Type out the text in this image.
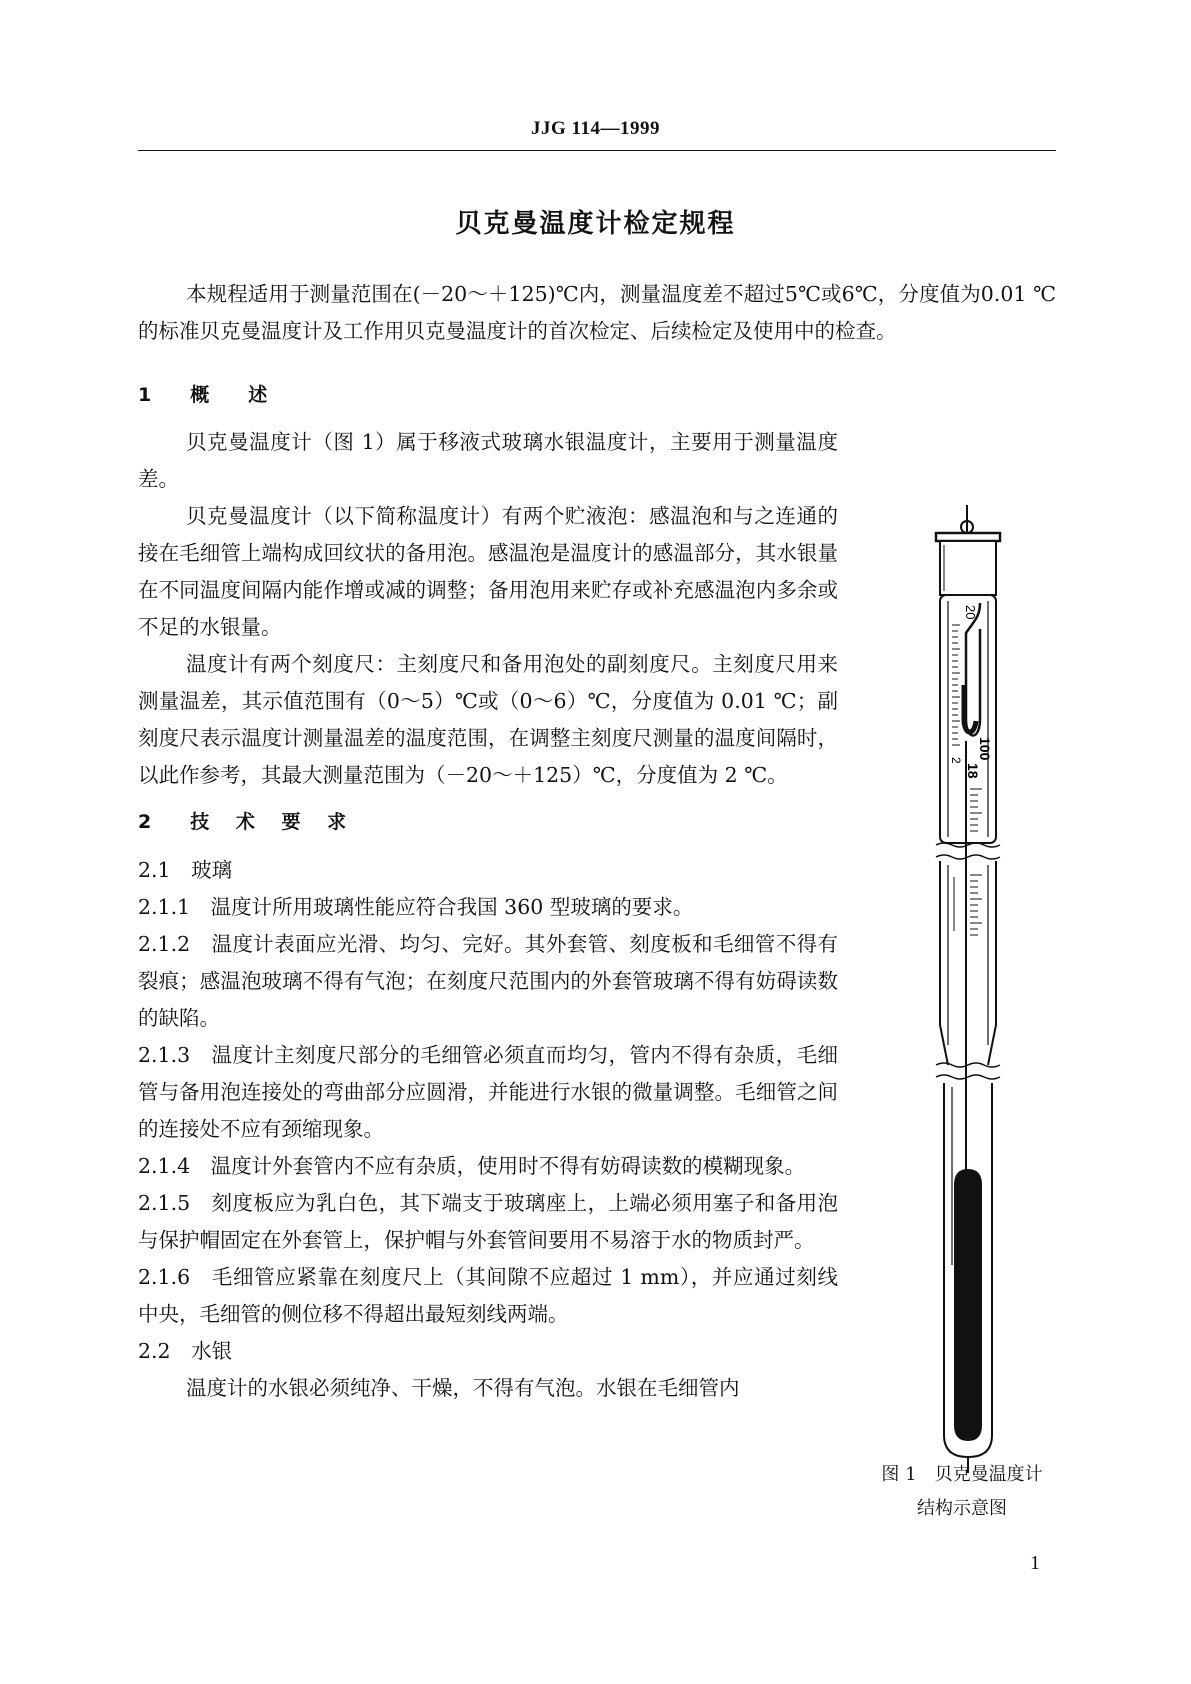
JJG 114—1999
贝克曼温度计检定规程

本规程适用于测量范围在(－20～＋125)℃内，测量温度差不超过5℃或6℃，分度值为0.01 ℃的标准贝克曼温度计及工作用贝克曼温度计的首次检定、后续检定及使用中的检查。

1　概　述

贝克曼温度计（图 1）属于移液式玻璃水银温度计，主要用于测量温度差。

贝克曼温度计（以下简称温度计）有两个贮液泡：感温泡和与之连通的接在毛细管上端构成回纹状的备用泡。感温泡是温度计的感温部分，其水银量在不同温度间隔内能作增或减的调整；备用泡用来贮存或补充感温泡内多余或不足的水银量。

温度计有两个刻度尺：主刻度尺和备用泡处的副刻度尺。主刻度尺用来测量温差，其示值范围有（0～5）℃或（0～6）℃，分度值为 0.01 ℃；副刻度尺表示温度计测量温差的温度范围，在调整主刻度尺测量的温度间隔时，以此作参考，其最大测量范围为（－20～＋125）℃，分度值为 2 ℃。

2　技 术 要 求

2.1　玻璃

2.1.1　温度计所用玻璃性能应符合我国 360 型玻璃的要求。

2.1.2　温度计表面应光滑、均匀、完好。其外套管、刻度板和毛细管不得有裂痕；感温泡玻璃不得有气泡；在刻度尺范围内的外套管玻璃不得有妨碍读数的缺陷。

2.1.3　温度计主刻度尺部分的毛细管必须直而均匀，管内不得有杂质，毛细管与备用泡连接处的弯曲部分应圆滑，并能进行水银的微量调整。毛细管之间的连接处不应有颈缩现象。

2.1.4　温度计外套管内不应有杂质，使用时不得有妨碍读数的模糊现象。

2.1.5　刻度板应为乳白色，其下端支于玻璃座上，上端必须用塞子和备用泡与保护帽固定在外套管上，保护帽与外套管间要用不易溶于水的物质封严。

2.1.6　毛细管应紧靠在刻度尺上（其间隙不应超过 1 mm），并应通过刻线中央，毛细管的侧位移不得超出最短刻线两端。

2.2　水银

温度计的水银必须纯净、干燥，不得有气泡。水银在毛细管内

20
100
18
2
图 1　贝克曼温度计
结构示意图
1
